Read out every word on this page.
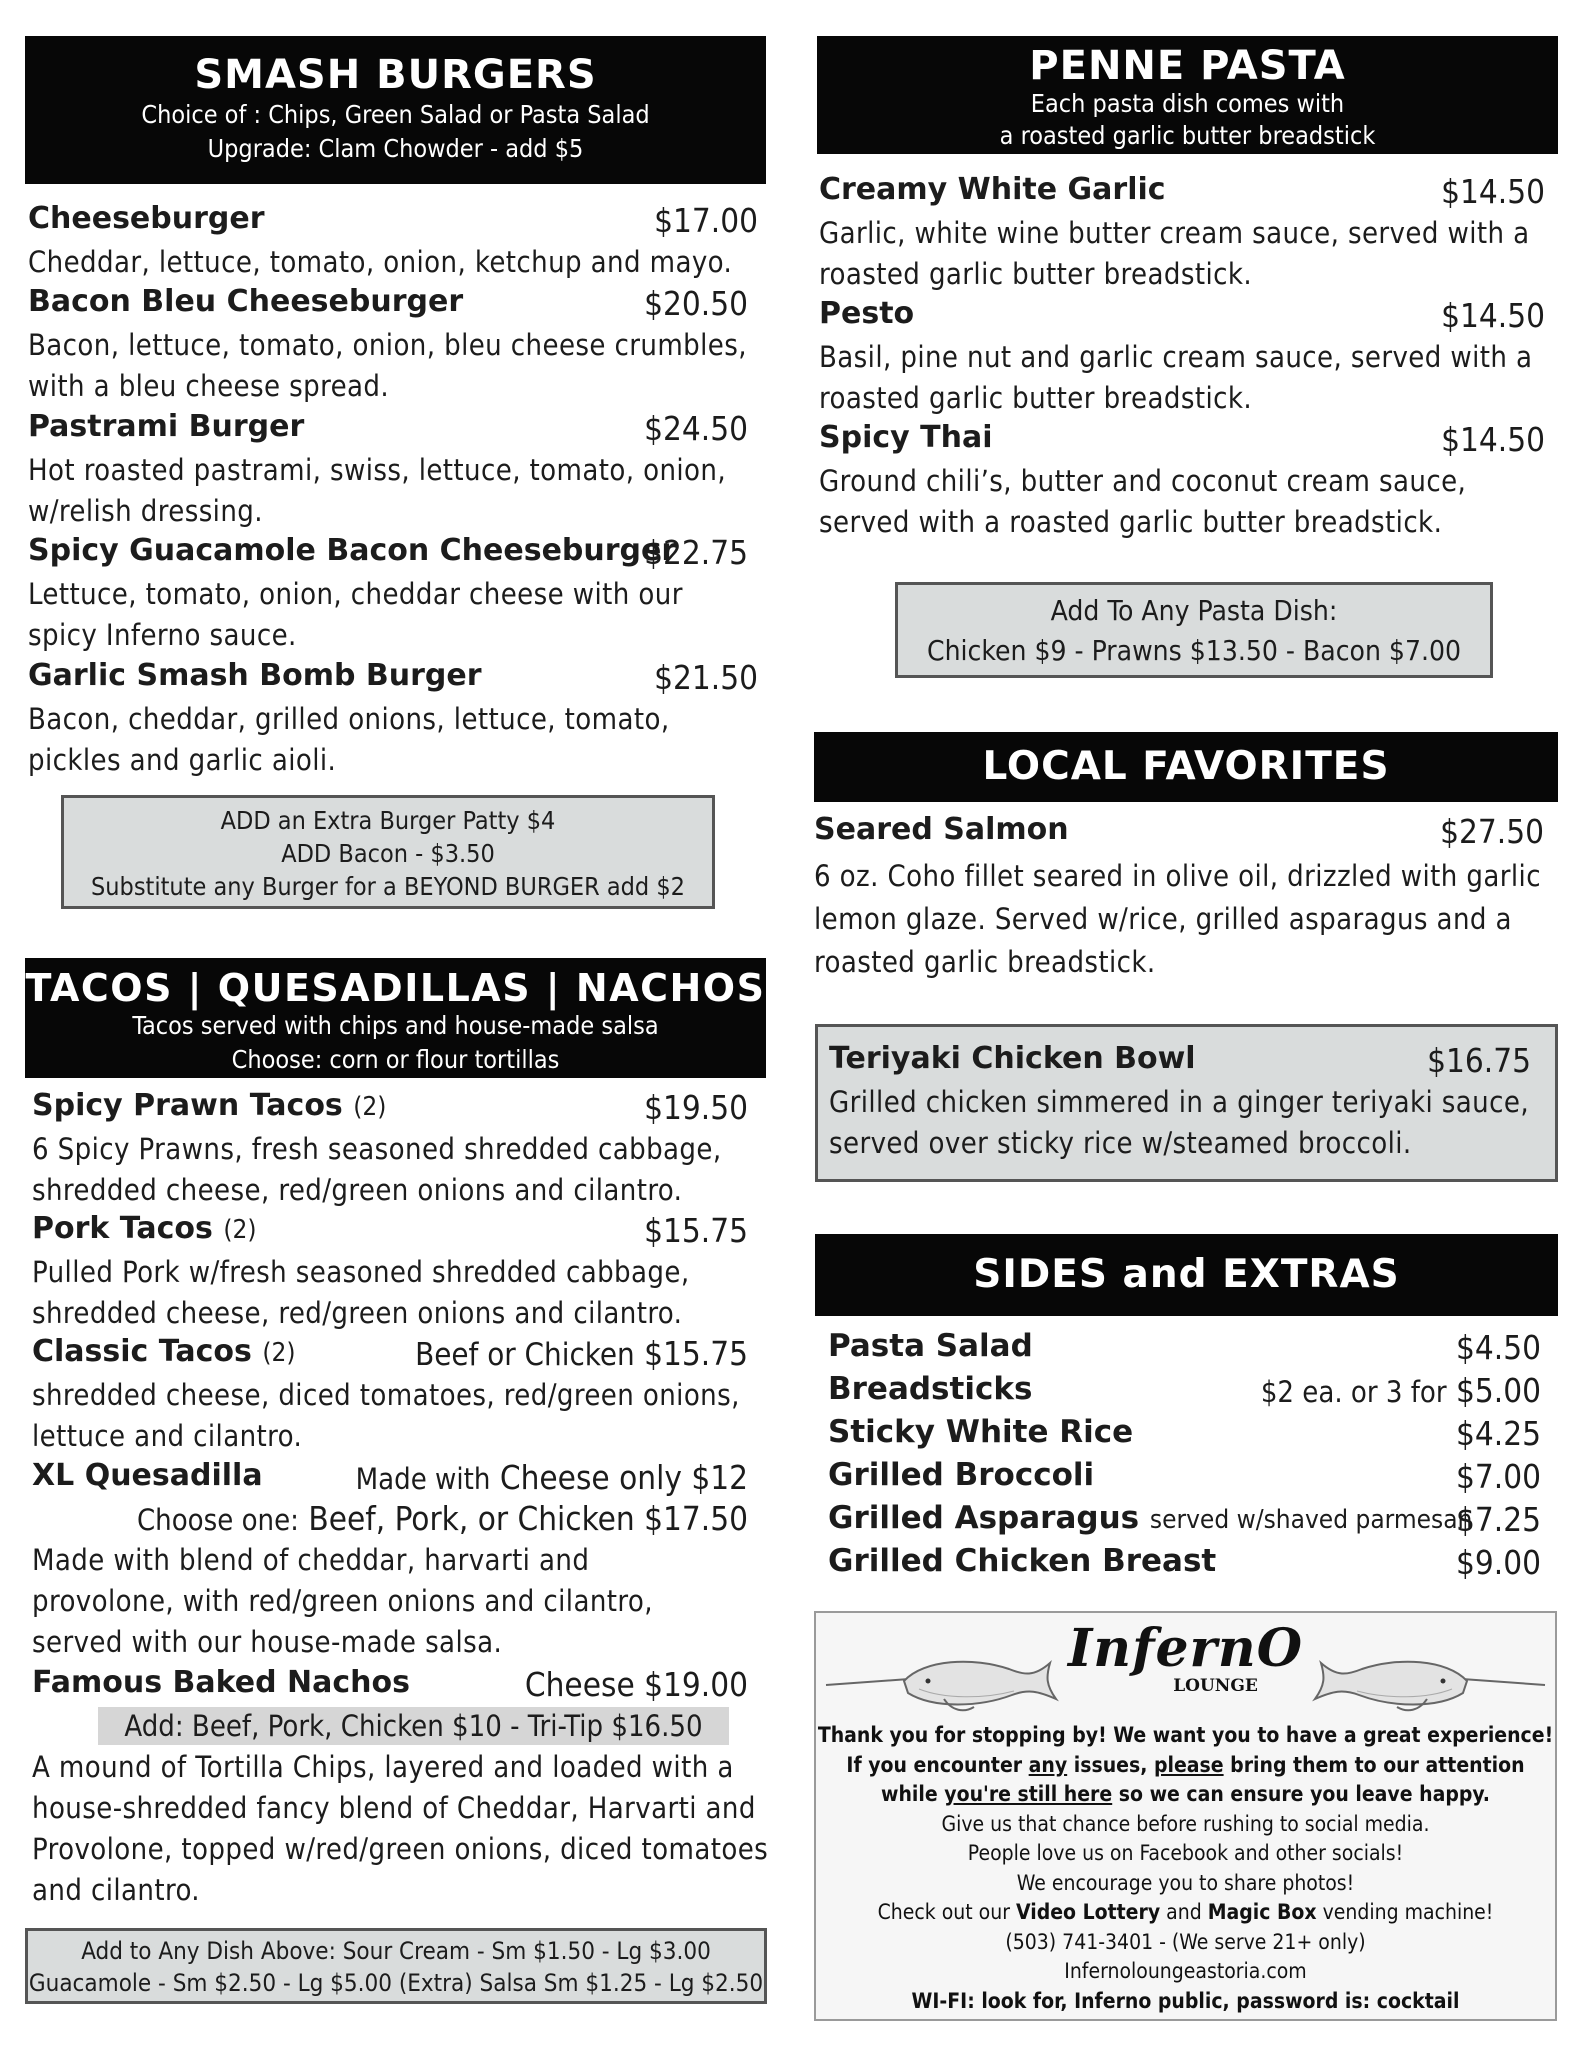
SMASH BURGERS
Choice of : Chips, Green Salad or Pasta Salad
Upgrade: Clam Chowder - add $5
Cheeseburger	$17.00
Cheddar, lettuce, tomato, onion, ketchup and mayo.
Bacon Bleu Cheeseburger	$20.50
Bacon, lettuce, tomato, onion, bleu cheese crumbles, with a bleu cheese spread.
Pastrami Burger	$24.50
Hot roasted pastrami, swiss, lettuce, tomato, onion, w/relish dressing.
Spicy Guacamole Bacon Cheeseburger
$22.75
Lettuce, tomato, onion, cheddar cheese with our spicy Inferno sauce.
Garlic Smash Bomb Burger	$21.50
Bacon, cheddar, grilled onions, lettuce, tomato, pickles and garlic aioli.
ADD an Extra Burger Patty $4
ADD Bacon - $3.50
Substitute any Burger for a BEYOND BURGER add $2
TACOS | QUESADILLAS | NACHOS
Tacos served with chips and house-made salsa
Choose: corn or flour tortillas
Spicy Prawn Tacos (2)	$19.50
6 Spicy Prawns, fresh seasoned shredded cabbage, shredded cheese, red/green onions and cilantro.
Pork Tacos (2)	$15.75
Pulled Pork w/fresh seasoned shredded cabbage, shredded cheese, red/green onions and cilantro.
Classic Tacos (2)	Beef or Chicken $15.75
shredded cheese, diced tomatoes, red/green onions, lettuce and cilantro.
XL Quesadilla	Made with Cheese only $12
Choose one: Beef, Pork, or Chicken $17.50
Made with blend of cheddar, harvarti and provolone, with red/green onions and cilantro, served with our house-made salsa.
Famous Baked Nachos	Cheese $19.00
Add: Beef, Pork, Chicken $10 - Tri-Tip $16.50
A mound of Tortilla Chips, layered and loaded with a house-shredded fancy blend of Cheddar, Harvarti and Provolone, topped w/red/green onions, diced tomatoes and cilantro.
Add to Any Dish Above: Sour Cream - Sm $1.50 - Lg $3.00
Guacamole - Sm $2.50 - Lg $5.00 (Extra) Salsa Sm $1.25 - Lg $2.50
PENNE PASTA
Each pasta dish comes with
a roasted garlic butter breadstick
Creamy White Garlic	$14.50
Garlic, white wine butter cream sauce, served with a roasted garlic butter breadstick.
Pesto	$14.50
Basil, pine nut and garlic cream sauce, served with a roasted garlic butter breadstick.
Spicy Thai	$14.50
Ground chili’s, butter and coconut cream sauce, served with a roasted garlic butter breadstick.
Add To Any Pasta Dish:
Chicken $9 - Prawns $13.50 - Bacon $7.00
LOCAL FAVORITES
Seared Salmon	$27.50
6 oz. Coho fillet seared in olive oil, drizzled with garlic lemon glaze. Served w/rice, grilled asparagus and a roasted garlic breadstick.
Teriyaki Chicken Bowl	$16.75
Grilled chicken simmered in a ginger teriyaki sauce, served over sticky rice w/steamed broccoli.
SIDES and EXTRAS
Pasta Salad	$4.50
Breadsticks	$2 ea. or 3 for $5.00
Sticky White Rice	$4.25
Grilled Broccoli	$7.00
Grilled Asparagus served w/shaved parmesan
$7.25
Grilled Chicken Breast	$9.00
InfernO
LOUNGE
Thank you for stopping by! We want you to have a great experience!
If you encounter any issues, please bring them to our attention
while you're still here so we can ensure you leave happy.
Give us that chance before rushing to social media.
People love us on Facebook and other socials!
We encourage you to share photos!
Check out our Video Lottery and Magic Box vending machine!
(503) 741-3401 - (We serve 21+ only)
Infernoloungeastoria.com
WI-FI: look for, Inferno public, password is: cocktail
